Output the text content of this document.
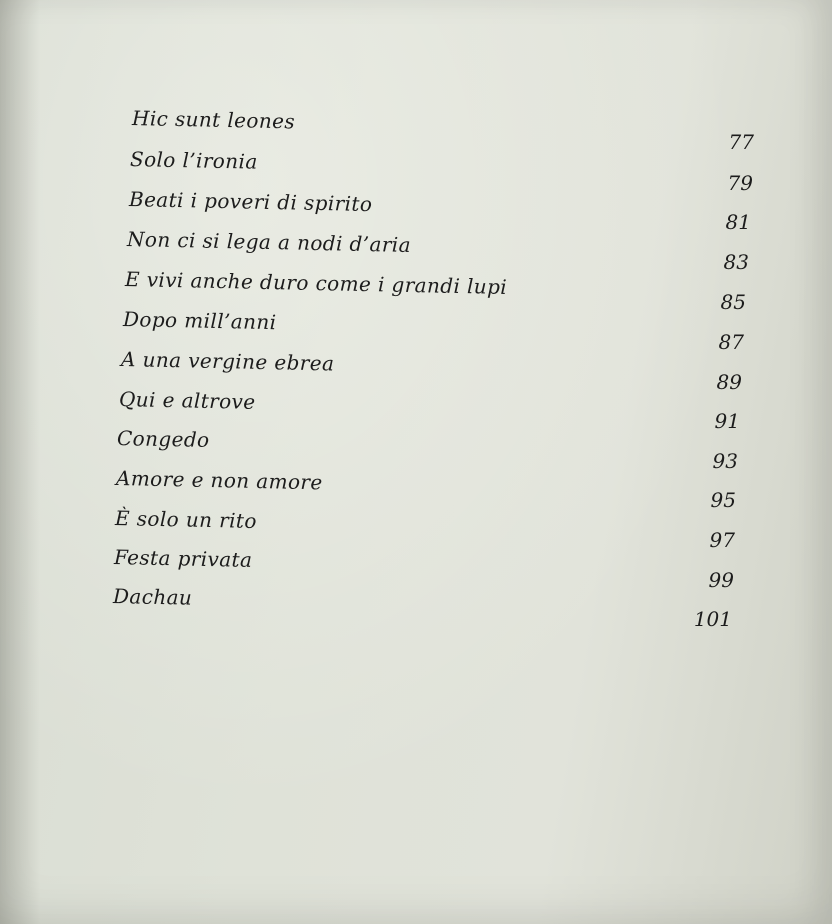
Hic sunt leones
77
Solo l’ironia
79
Beati i poveri di spirito
81
Non ci si lega a nodi d’aria
83
E vivi anche duro come i grandi lupi
85
Dopo mill’anni
87
A una vergine ebrea
89
Qui e altrove
91
Congedo
93
Amore e non amore
95
È solo un rito
97
Festa privata
99
Dachau
101
